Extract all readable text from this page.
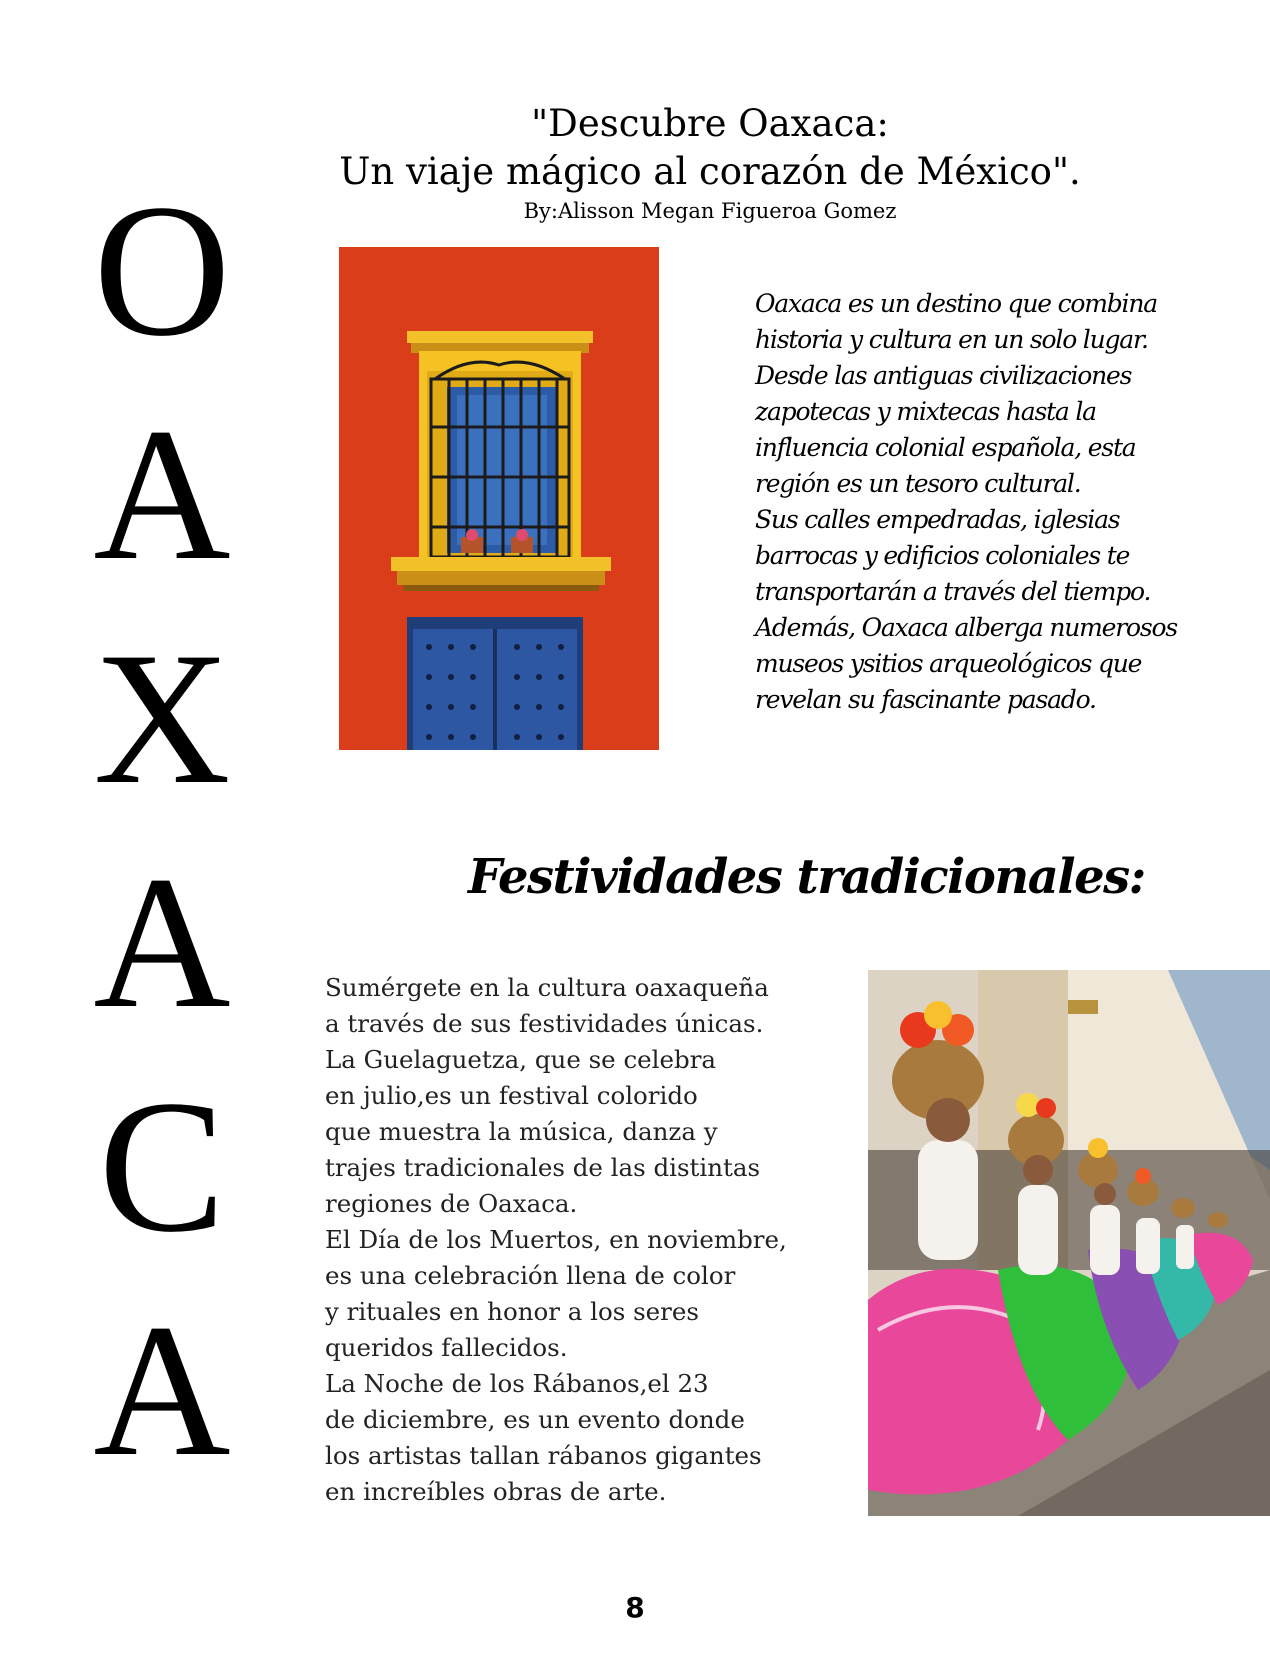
O
A
X
A
C
A
"Descubre Oaxaca:
Un viaje mágico al corazón de México".
By:Alisson Megan Figueroa Gomez
Oaxaca es un destino que combina
historia y cultura en un solo lugar.
Desde las antiguas civilizaciones
zapotecas y mixtecas hasta la
influencia colonial española, esta
región es un tesoro cultural.
Sus calles empedradas, iglesias
barrocas y edificios coloniales te
transportarán a través del tiempo.
Además, Oaxaca alberga numerosos
museos ysitios arqueológicos que
revelan su fascinante pasado.
Festividades tradicionales:
Sumérgete en la cultura oaxaqueña
a través de sus festividades únicas.
La Guelaguetza, que se celebra
en julio,es un festival colorido
que muestra la música, danza y
trajes tradicionales de las distintas
regiones de Oaxaca.
El Día de los Muertos, en noviembre,
es una celebración llena de color
y rituales en honor a los seres
queridos fallecidos.
La Noche de los Rábanos,el 23
de diciembre, es un evento donde
los artistas tallan rábanos gigantes
en increíbles obras de arte.
8
